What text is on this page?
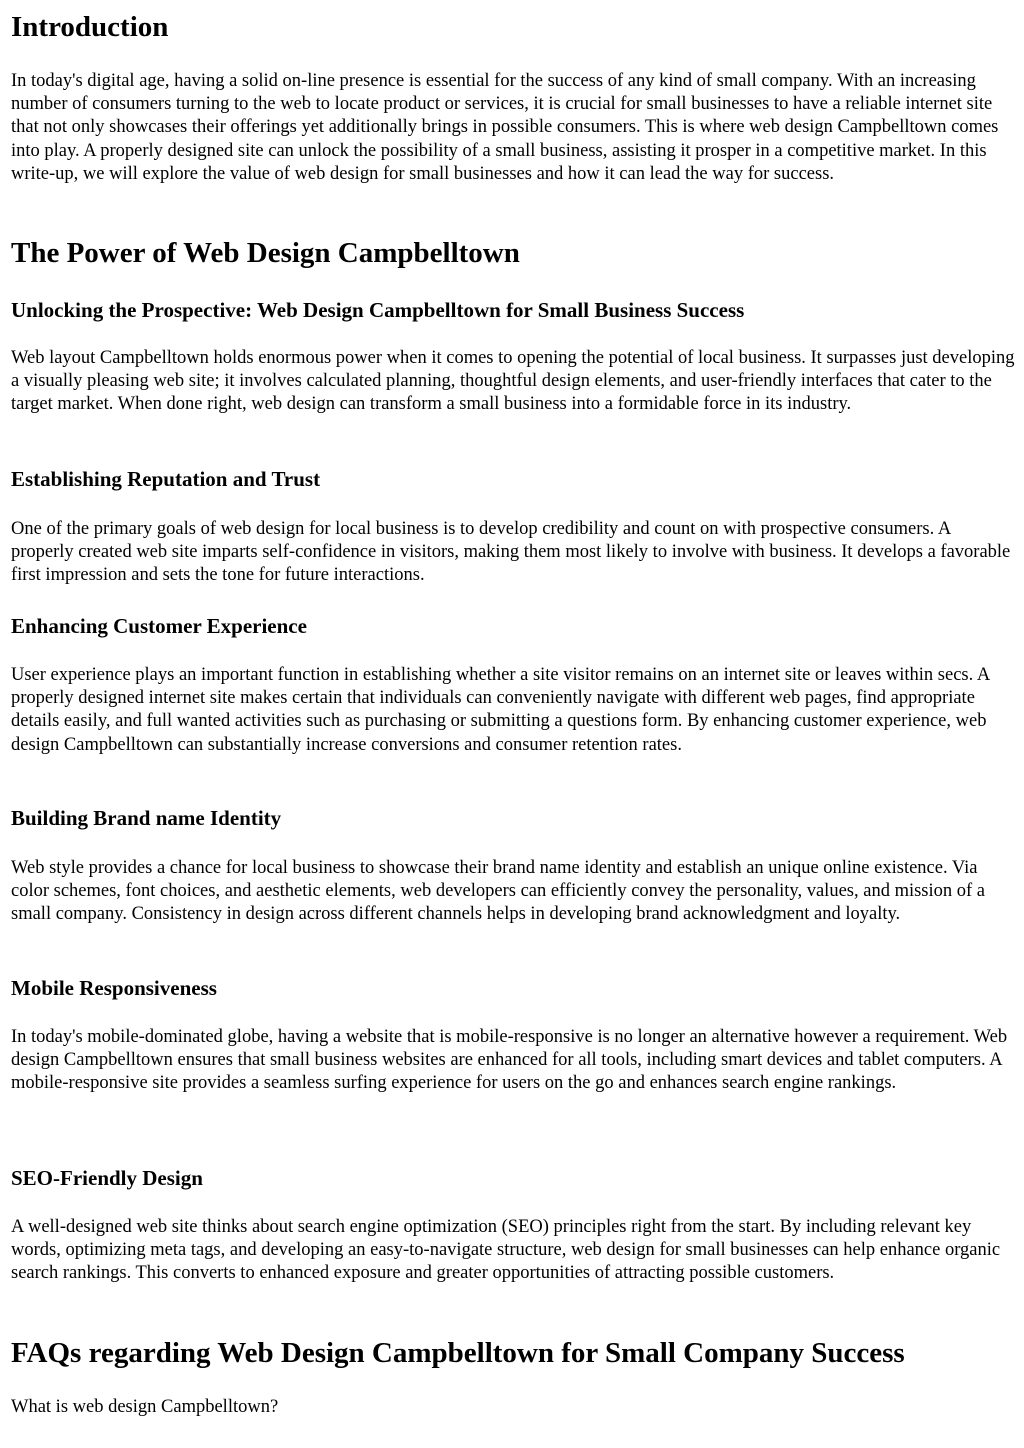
Introduction

In today's digital age, having a solid on-line presence is essential for the success of any kind of small company. With an increasing number of consumers turning to the web to locate product or services, it is crucial for small businesses to have a reliable internet site that not only showcases their offerings yet additionally brings in possible consumers. This is where web design Campbelltown comes into play. A properly designed site can unlock the possibility of a small business, assisting it prosper in a competitive market. In this write-up, we will explore the value of web design for small businesses and how it can lead the way for success.

The Power of Web Design Campbelltown
Unlocking the Prospective: Web Design Campbelltown for Small Business Success

Web layout Campbelltown holds enormous power when it comes to opening the potential of local business. It surpasses just developing a visually pleasing web site; it involves calculated planning, thoughtful design elements, and user-friendly interfaces that cater to the target market. When done right, web design can transform a small business into a formidable force in its industry.

Establishing Reputation and Trust

One of the primary goals of web design for local business is to develop credibility and count on with prospective consumers. A properly created web site imparts self-confidence in visitors, making them most likely to involve with business. It develops a favorable first impression and sets the tone for future interactions.

Enhancing Customer Experience

User experience plays an important function in establishing whether a site visitor remains on an internet site or leaves within secs. A properly designed internet site makes certain that individuals can conveniently navigate with different web pages, find appropriate details easily, and full wanted activities such as purchasing or submitting a questions form. By enhancing customer experience, web design Campbelltown can substantially increase conversions and consumer retention rates.

Building Brand name Identity

Web style provides a chance for local business to showcase their brand name identity and establish an unique online existence. Via color schemes, font choices, and aesthetic elements, web developers can efficiently convey the personality, values, and mission of a small company. Consistency in design across different channels helps in developing brand acknowledgment and loyalty.

Mobile Responsiveness

In today's mobile-dominated globe, having a website that is mobile-responsive is no longer an alternative however a requirement. Web design Campbelltown ensures that small business websites are enhanced for all tools, including smart devices and tablet computers. A mobile-responsive site provides a seamless surfing experience for users on the go and enhances search engine rankings.

SEO-Friendly Design

A well-designed web site thinks about search engine optimization (SEO) principles right from the start. By including relevant key words, optimizing meta tags, and developing an easy-to-navigate structure, web design for small businesses can help enhance organic search rankings. This converts to enhanced exposure and greater opportunities of attracting possible customers.

FAQs regarding Web Design Campbelltown for Small Company Success

What is web design Campbelltown?
